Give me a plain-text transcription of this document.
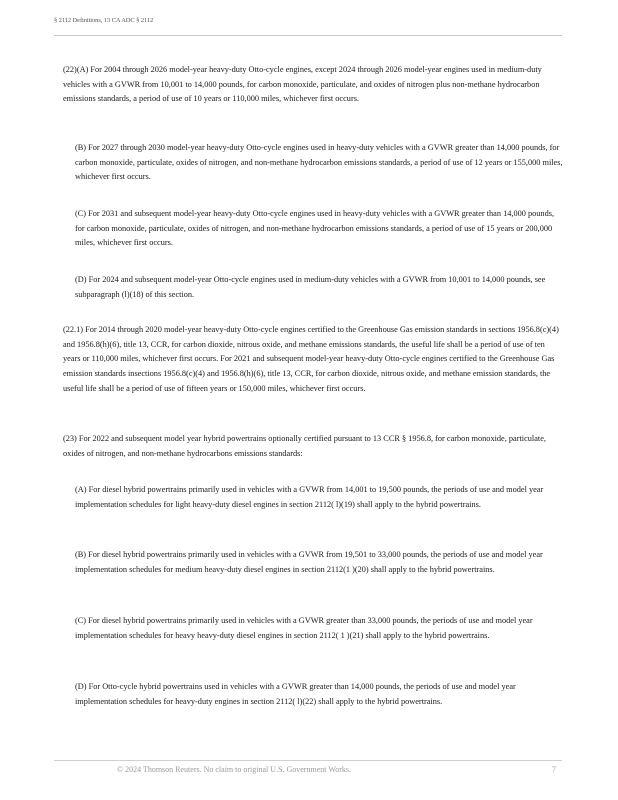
§ 2112 Definitions, 13 CA ADC § 2112

(22)(A) For 2004 through 2026 model-year heavy-duty Otto-cycle engines, except 2024 through 2026 model-year engines used in medium-duty vehicles with a GVWR from 10,001 to 14,000 pounds, for carbon monoxide, particulate, and oxides of nitrogen plus non-methane hydrocarbon emissions standards, a period of use of 10 years or 110,000 miles, whichever first occurs.

(B) For 2027 through 2030 model-year heavy-duty Otto-cycle engines used in heavy-duty vehicles with a GVWR greater than 14,000 pounds, for carbon monoxide, particulate, oxides of nitrogen, and non-methane hydrocarbon emissions standards, a period of use of 12 years or 155,000 miles, whichever first occurs.

(C) For 2031 and subsequent model-year heavy-duty Otto-cycle engines used in heavy-duty vehicles with a GVWR greater than 14,000 pounds, for carbon monoxide, particulate, oxides of nitrogen, and non-methane hydrocarbon emissions standards, a period of use of 15 years or 200,000 miles, whichever first occurs.

(D) For 2024 and subsequent model-year Otto-cycle engines used in medium-duty vehicles with a GVWR from 10,001 to 14,000 pounds, see subparagraph (l)(18) of this section.

(22.1) For 2014 through 2020 model-year heavy-duty Otto-cycle engines certified to the Greenhouse Gas emission standards in sections 1956.8(c)(4) and 1956.8(h)(6), title 13, CCR, for carbon dioxide, nitrous oxide, and methane emissions standards, the useful life shall be a period of use of ten years or 110,000 miles, whichever first occurs. For 2021 and subsequent model-year heavy-duty Otto-cycle engines certified to the Greenhouse Gas emission standards insections 1956.8(c)(4) and 1956.8(h)(6), title 13, CCR, for carbon dioxide, nitrous oxide, and methane emission standards, the useful life shall be a period of use of fifteen years or 150,000 miles, whichever first occurs.

(23) For 2022 and subsequent model year hybrid powertrains optionally certified pursuant to 13 CCR § 1956.8, for carbon monoxide, particulate, oxides of nitrogen, and non-methane hydrocarbons emissions standards:

(A) For diesel hybrid powertrains primarily used in vehicles with a GVWR from 14,001 to 19,500 pounds, the periods of use and model year implementation schedules for light heavy-duty diesel engines in section 2112( l)(19) shall apply to the hybrid powertrains.

(B) For diesel hybrid powertrains primarily used in vehicles with a GVWR from 19,501 to 33,000 pounds, the periods of use and model year implementation schedules for medium heavy-duty diesel engines in section 2112(1 )(20) shall apply to the hybrid powertrains.

(C) For diesel hybrid powertrains primarily used in vehicles with a GVWR greater than 33,000 pounds, the periods of use and model year implementation schedules for heavy heavy-duty diesel engines in section 2112( 1 )(21) shall apply to the hybrid powertrains.

(D) For Otto-cycle hybrid powertrains used in vehicles with a GVWR greater than 14,000 pounds, the periods of use and model year implementation schedules for heavy-duty engines in section 2112( l)(22) shall apply to the hybrid powertrains.

© 2024 Thomson Reuters. No claim to original U.S. Government Works.	7
